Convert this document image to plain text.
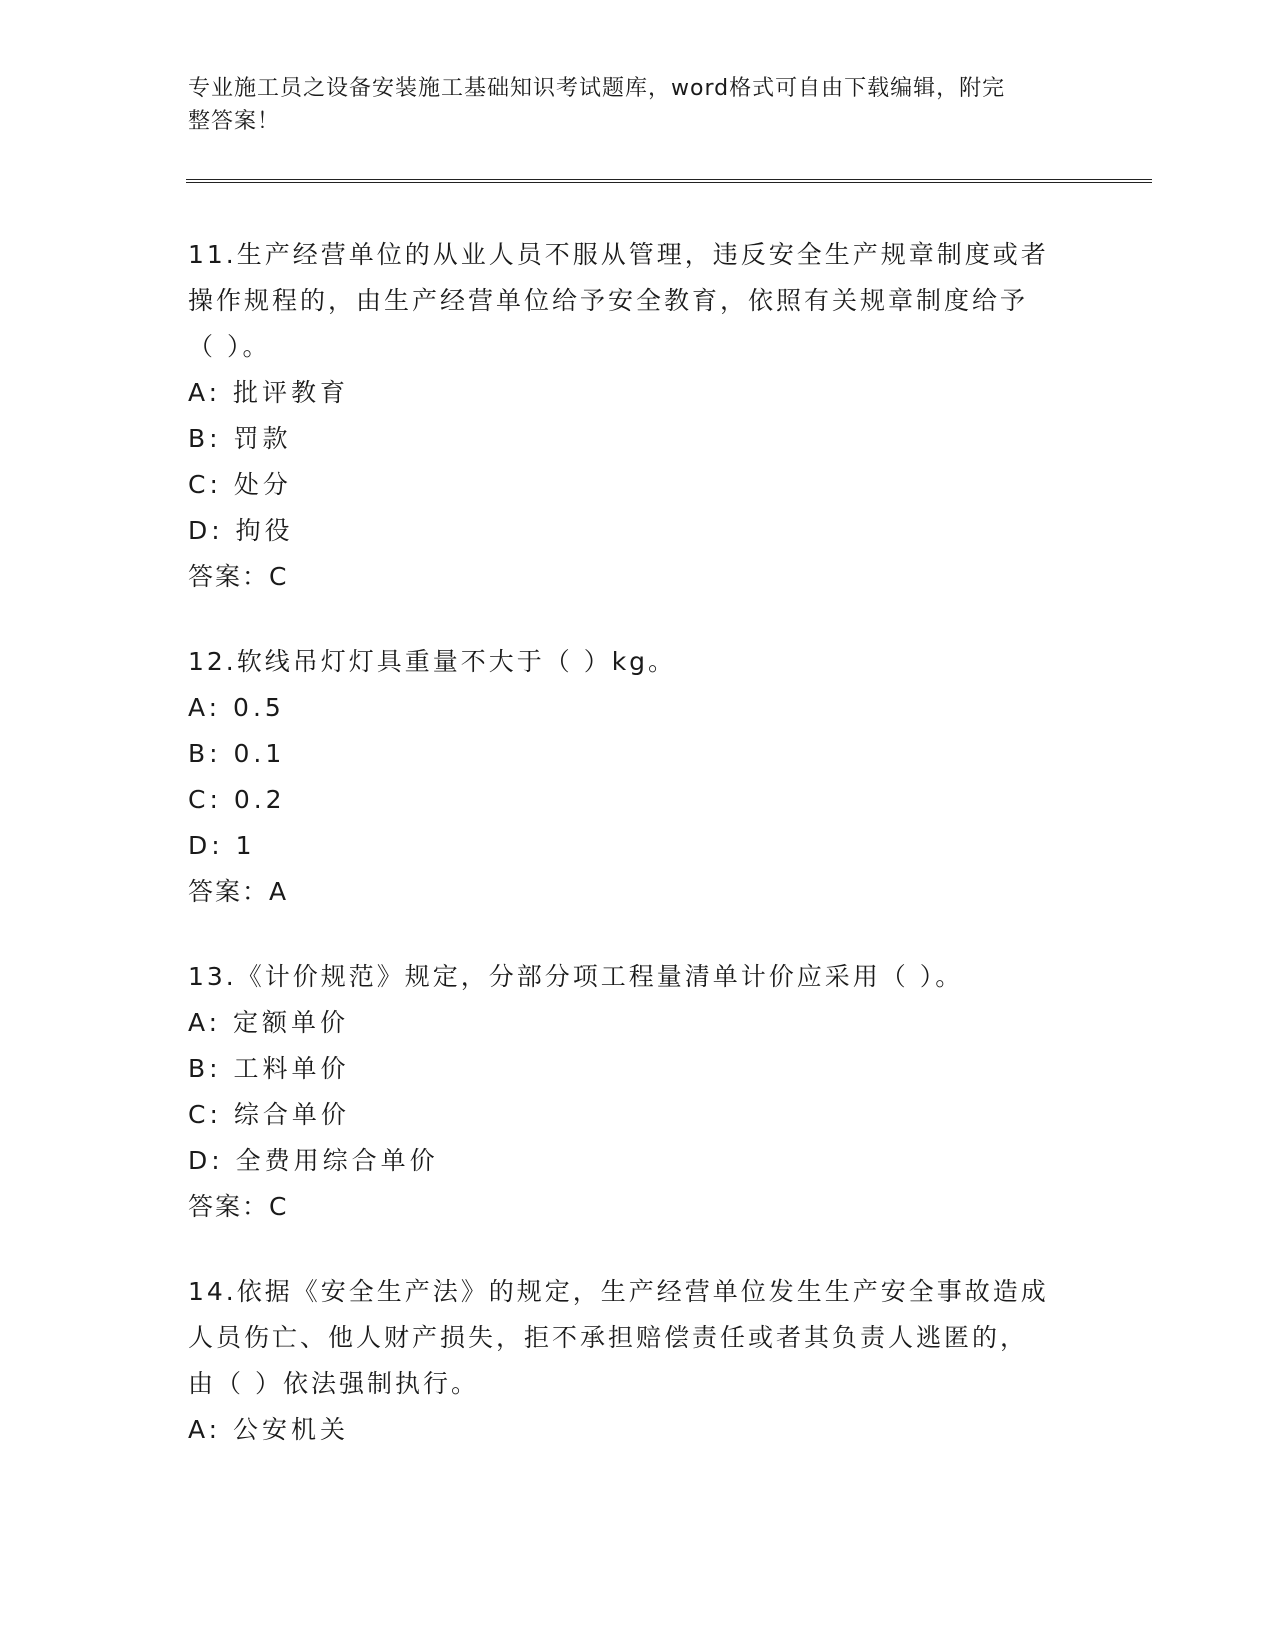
专业施工员之设备安装施工基础知识考试题库，word格式可自由下载编辑，附完
整答案！
11.生产经营单位的从业人员不服从管理，违反安全生产规章制度或者
操作规程的，由生产经营单位给予安全教育，依照有关规章制度给予
（ ）。
A: 批评教育
B: 罚款
C: 处分
D: 拘役
答案：C
12.软线吊灯灯具重量不大于（ ）kg。
A: 0.5
B: 0.1
C: 0.2
D: 1
答案：A
13.《计价规范》规定，分部分项工程量清单计价应采用（ ）。
A: 定额单价
B: 工料单价
C: 综合单价
D: 全费用综合单价
答案：C
14.依据《安全生产法》的规定，生产经营单位发生生产安全事故造成
人员伤亡、他人财产损失，拒不承担赔偿责任或者其负责人逃匿的，
由（ ）依法强制执行。
A: 公安机关
